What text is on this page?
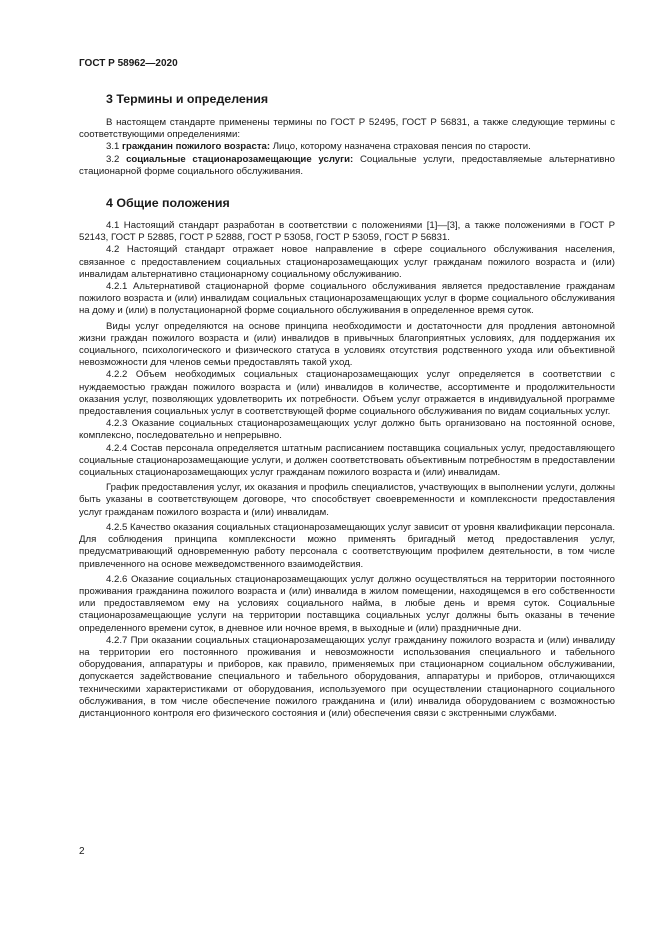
ГОСТ Р 58962—2020
3 Термины и определения

В настоящем стандарте применены термины по ГОСТ Р 52495, ГОСТ Р 56831, а также следующие термины с соответствующими определениями:

3.1 гражданин пожилого возраста: Лицо, которому назначена страховая пенсия по старости.

3.2 социальные стационарозамещающие услуги: Социальные услуги, предоставляемые альтернативно стационарной форме социального обслуживания.

4 Общие положения

4.1 Настоящий стандарт разработан в соответствии с положениями [1]—[3], а также положениями в ГОСТ Р 52143, ГОСТ Р 52885, ГОСТ Р 52888, ГОСТ Р 53058, ГОСТ Р 53059, ГОСТ Р 56831.

4.2 Настоящий стандарт отражает новое направление в сфере социального обслуживания населения, связанное с предоставлением социальных стационарозамещающих услуг гражданам пожилого возраста и (или) инвалидам альтернативно стационарному социальному обслуживанию.

4.2.1 Альтернативой стационарной форме социального обслуживания является предоставление гражданам пожилого возраста и (или) инвалидам социальных стационарозамещающих услуг в форме социального обслуживания на дому и (или) в полустационарной форме социального обслуживания в определенное время суток.

Виды услуг определяются на основе принципа необходимости и достаточности для продления автономной жизни граждан пожилого возраста и (или) инвалидов в привычных благоприятных условиях, для поддержания их социального, психологического и физического статуса в условиях отсутствия родственного ухода или объективной невозможности для членов семьи предоставлять такой уход.

4.2.2 Объем необходимых социальных стационарозамещающих услуг определяется в соответствии с нуждаемостью граждан пожилого возраста и (или) инвалидов в количестве, ассортименте и продолжительности оказания услуг, позволяющих удовлетворить их потребности. Объем услуг отражается в индивидуальной программе предоставления социальных услуг в соответствующей форме социального обслуживания по видам социальных услуг.

4.2.3 Оказание социальных стационарозамещающих услуг должно быть организовано на постоянной основе, комплексно, последовательно и непрерывно.

4.2.4 Состав персонала определяется штатным расписанием поставщика социальных услуг, предоставляющего социальные стационарозамещающие услуги, и должен соответствовать объективным потребностям в предоставлении социальных стационарозамещающих услуг гражданам пожилого возраста и (или) инвалидам.

График предоставления услуг, их оказания и профиль специалистов, участвующих в выполнении услуги, должны быть указаны в соответствующем договоре, что способствует своевременности и комплексности предоставления услуг гражданам пожилого возраста и (или) инвалидам.

4.2.5 Качество оказания социальных стационарозамещающих услуг зависит от уровня квалификации персонала. Для соблюдения принципа комплексности можно применять бригадный метод предоставления услуг, предусматривающий одновременную работу персонала с соответствующим профилем деятельности, в том числе привлеченного на основе межведомственного взаимодействия.

4.2.6 Оказание социальных стационарозамещающих услуг должно осуществляться на территории постоянного проживания гражданина пожилого возраста и (или) инвалида в жилом помещении, находящемся в его собственности или предоставляемом ему на условиях социального найма, в любые день и время суток. Социальные стационарозамещающие услуги на территории поставщика социальных услуг должны быть оказаны в течение определенного времени суток, в дневное или ночное время, в выходные и (или) праздничные дни.

4.2.7 При оказании социальных стационарозамещающих услуг гражданину пожилого возраста и (или) инвалиду на территории его постоянного проживания и невозможности использования специального и табельного оборудования, аппаратуры и приборов, как правило, применяемых при стационарном социальном обслуживании, допускается задействование специального и табельного оборудования, аппаратуры и приборов, отличающихся техническими характеристиками от оборудования, используемого при осуществлении стационарного социального обслуживания, в том числе обеспечение пожилого гражданина и (или) инвалида оборудованием с возможностью дистанционного контроля его физического состояния и (или) обеспечения связи с экстренными службами.

2
